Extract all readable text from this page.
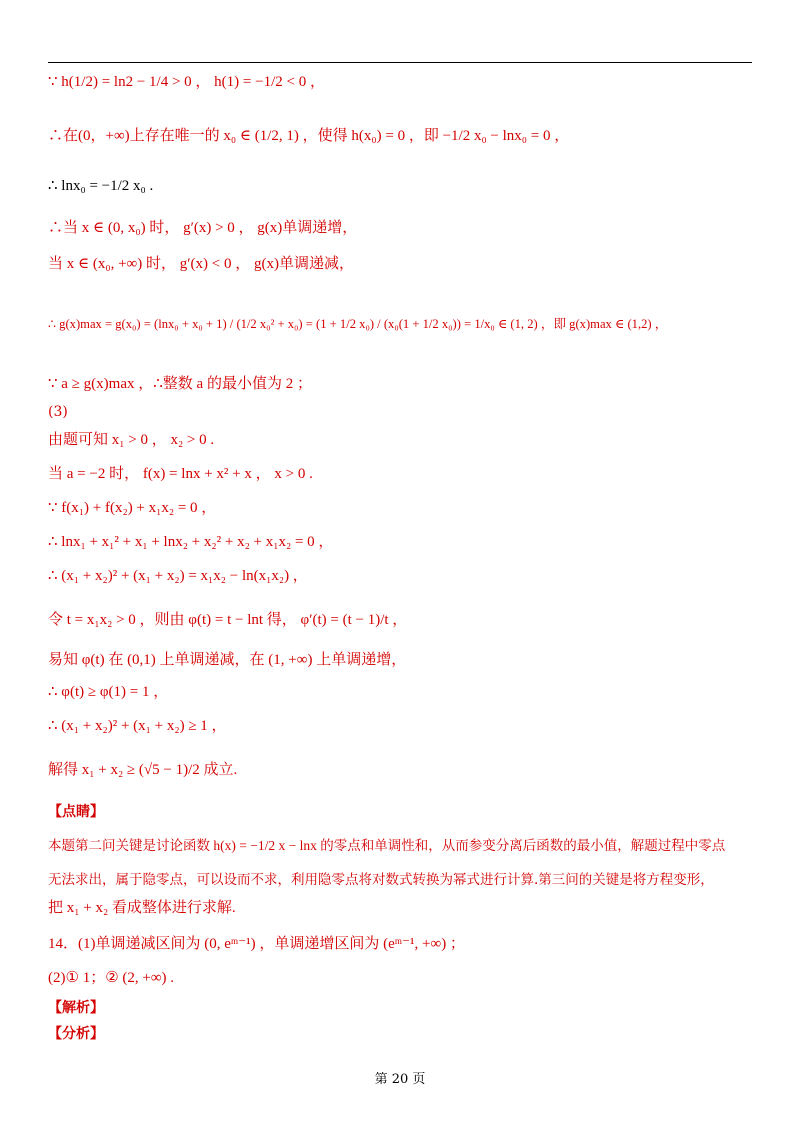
∵ h(1/2) = ln2 − 1/4 > 0 ， h(1) = −1/2 < 0 ，
∴在(0，+∞)上存在唯一的 x₀ ∈ (1/2, 1) ，使得 h(x₀) = 0 ，即 −1/2 x₀ − lnx₀ = 0 ，
∴ lnx₀ = −1/2 x₀ .
∴当 x ∈ (0, x₀) 时， g′(x) > 0 ， g(x)单调递增，
当 x ∈ (x₀, +∞) 时， g′(x) < 0 ， g(x)单调递减，
∴ g(x)max = g(x₀) = (lnx₀ + x₀ + 1) / (1/2 x₀² + x₀) = (1 + 1/2 x₀) / (x₀(1 + 1/2 x₀)) = 1/x₀ ∈ (1, 2) ，即 g(x)max ∈ (1,2) ，
∵ a ≥ g(x)max ，∴整数 a 的最小值为 2 ；
(3)
由题可知 x₁ > 0 ， x₂ > 0 .
当 a = −2 时， f(x) = lnx + x² + x ， x > 0 .
∵ f(x₁) + f(x₂) + x₁x₂ = 0 ，
∴ lnx₁ + x₁² + x₁ + lnx₂ + x₂² + x₂ + x₁x₂ = 0 ，
∴ (x₁ + x₂)² + (x₁ + x₂) = x₁x₂ − ln(x₁x₂) ，
令 t = x₁x₂ > 0 ，则由 φ(t) = t − lnt 得， φ′(t) = (t − 1)/t ，
易知 φ(t) 在 (0,1) 上单调递减，在 (1, +∞) 上单调递增，
∴ φ(t) ≥ φ(1) = 1 ，
∴ (x₁ + x₂)² + (x₁ + x₂) ≥ 1 ，
解得 x₁ + x₂ ≥ (√5 − 1)/2 成立.
【点睛】
本题第二问关键是讨论函数 h(x) = −1/2 x − lnx 的零点和单调性和，从而参变分离后函数的最小值，解题过程中零点
无法求出，属于隐零点，可以设而不求，利用隐零点将对数式转换为幂式进行计算.第三问的关键是将方程变形，
把 x₁ + x₂ 看成整体进行求解.
14．(1)单调递减区间为 (0, eᵐ⁻¹) ，单调递增区间为 (eᵐ⁻¹, +∞) ；
(2)① 1；② (2, +∞) .
【解析】
【分析】
第 20 页
